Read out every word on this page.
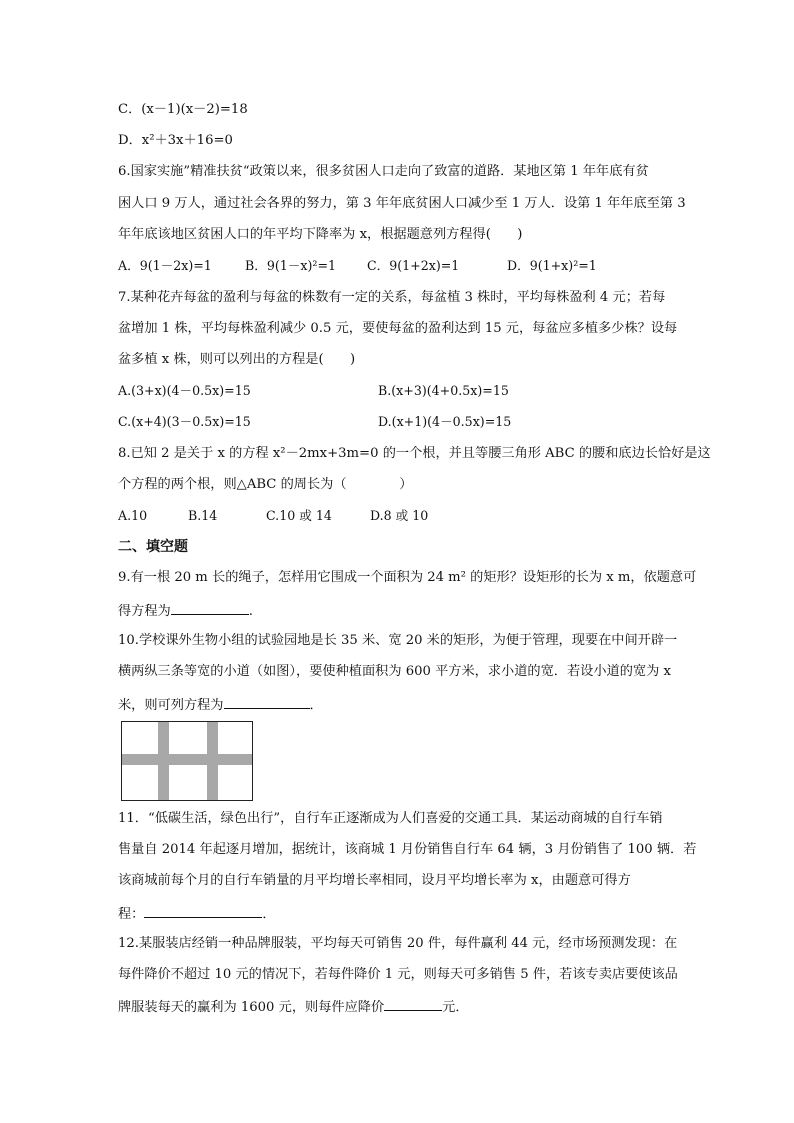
C．(x－1)(x－2)=18
D．x²＋3x＋16=0
6.国家实施”精准扶贫“政策以来，很多贫困人口走向了致富的道路．某地区第 1 年年底有贫
困人口 9 万人，通过社会各界的努力，第 3 年年底贫困人口减少至 1 万人．设第 1 年年底至第 3
年年底该地区贫困人口的年平均下降率为 x，根据题意列方程得(　　)
A．9(1－2x)=1	B．9(1－x)²=1 C．9(1+2x)=1	D．9(1+x)²=1
7.某种花卉每盆的盈利与每盆的株数有一定的关系，每盆植 3 株时，平均每株盈利 4 元；若每
盆增加 1 株，平均每株盈利减少 0.5 元，要使每盆的盈利达到 15 元，每盆应多植多少株？设每
盆多植 x 株，则可以列出的方程是(　　)
A.(3+x)(4－0.5x)=15	B.(x+3)(4+0.5x)=15
C.(x+4)(3－0.5x)=15	D.(x+1)(4－0.5x)=15
8.已知 2 是关于 x 的方程 x²－2mx+3m=0 的一个根，并且等腰三角形 ABC 的腰和底边长恰好是这
个方程的两个根，则△ABC 的周长为（　　　　）
A.10	B.14	C.10 或 14	D.8 或 10
二、填空题
9.有一根 20 m 长的绳子，怎样用它围成一个面积为 24 m² 的矩形？设矩形的长为 x m，依题意可
得方程为	.
10.学校课外生物小组的试验园地是长 35 米、宽 20 米的矩形，为便于管理，现要在中间开辟一
横两纵三条等宽的小道（如图），要使种植面积为 600 平方米，求小道的宽．若设小道的宽为 x
米，则可列方程为	．
11．“低碳生活，绿色出行”，自行车正逐渐成为人们喜爱的交通工具．某运动商城的自行车销
售量自 2014 年起逐月增加，据统计，该商城 1 月份销售自行车 64 辆，3 月份销售了 100 辆．若
该商城前每个月的自行车销量的月平均增长率相同，设月平均增长率为 x，由题意可得方
程：	．
12.某服装店经销一种品牌服装，平均每天可销售 20 件，每件赢利 44 元，经市场预测发现：在
每件降价不超过 10 元的情况下，若每件降价 1 元，则每天可多销售 5 件，若该专卖店要使该品
牌服装每天的赢利为 1600 元，则每件应降价	元．
